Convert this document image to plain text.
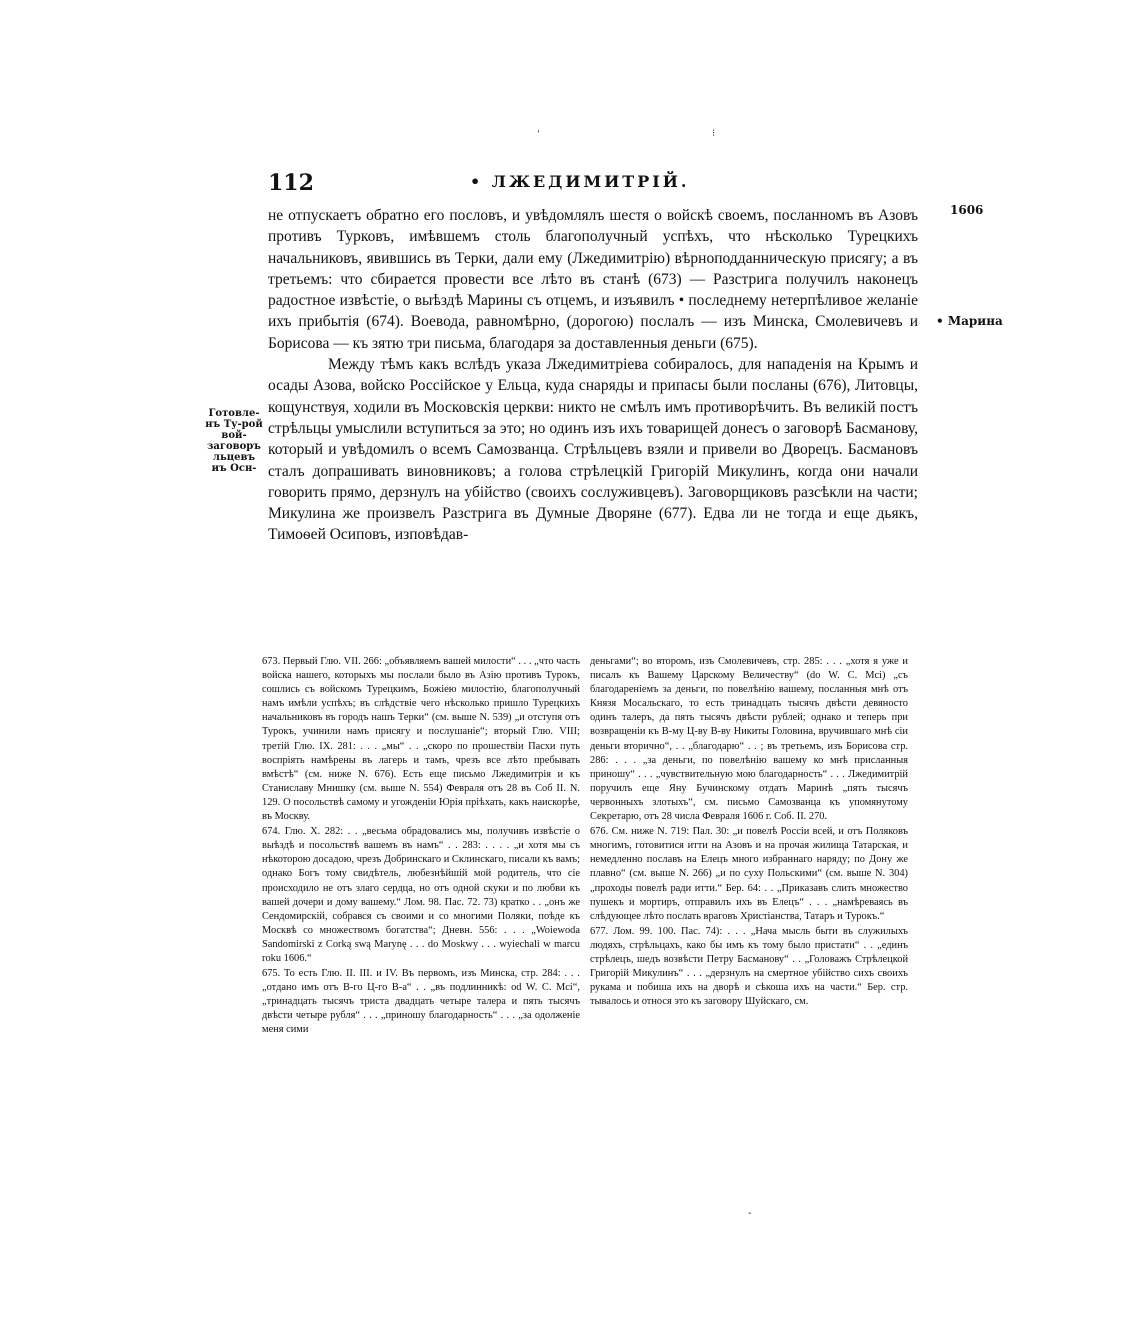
112	• ЛЖЕДИМИТРІЙ.
1606
• Марина
Готовле-нъ Ту-рой вой-заговоръ льцевъ иъ Осн-
ˈ	⁝
-

не отпускаетъ обратно его пословъ, и увѣдомлялъ шестя о войскѣ своемъ, посланномъ въ Азовъ противъ Турковъ, имѣвшемъ столь благополучный успѣхъ, что нѣсколько Турецкихъ начальниковъ, явившись въ Терки, дали ему (Лжедимитрію) вѣрноподданническую присягу; а въ третьемъ: что сбирается провести все лѣто въ станѣ (673) — Разстрига получилъ наконецъ радостное извѣстіе, о выѣздѣ Марины съ отцемъ, и изъявилъ • последнему нетерпѣливое желаніе ихъ прибытія (674). Воевода, равномѣрно, (дорогою) послалъ — изъ Минска, Смолевичевъ и Борисова — къ зятю три письма, благодаря за доставленныя деньги (675).

Между тѣмъ какъ вслѣдъ указа Лжедимитріева собиралось, для нападенія на Крымъ и осады Азова, войско Россійское у Ельца, куда снаряды и припасы были посланы (676), Литовцы, кощунствуя, ходили въ Московскія церкви: никто не смѣлъ имъ противорѣчить. Въ великій постъ стрѣльцы умыслили вступиться за это; но одинъ изъ ихъ товарищей донесъ о заговорѣ Басманову, который и увѣдомилъ о всемъ Самозванца. Стрѣльцевъ взяли и привели во Дворецъ. Басмановъ сталъ допрашивать виновниковъ; а голова стрѣлецкій Григорій Микулинъ, когда они начали говорить прямо, дерзнулъ на убійство (своихъ сослуживцевъ). Заговорщиковъ разсѣкли на части; Микулина же произвелъ Разстрига въ Думные Дворяне (677). Едва ли не тогда и еще дьякъ, Тимоѳей Осиповъ, изповѣдав-

673. Первый Глю. VII. 266: „объявляемъ вашей милости“ . . . „что часть войска нашего, которыхъ мы послали было въ Азію противъ Турокъ, сошлись съ войскомъ Турецкимъ, Божіею милостію, благополучный намъ имѣли успѣхъ; въ слѣдствіе чего нѣсколько пришло Турецкихъ начальниковъ въ городъ нашъ Терки“ (см. выше N. 539) „и отступя отъ Турокъ, учинили намъ присягу и послушаніе“; вторый Глю. VIII; третій Глю. IX. 281: . . . „мы“ . . „скоро по прошествіи Пасхи путь воспріять намѣрены въ лагерь и тамъ, чрезъ все лѣто пребывать вмѣстѣ“ (см. ниже N. 676). Есть еще письмо Лжедимитрія и къ Станиславу Мнишку (см. выше N. 554) Февраля отъ 28 въ Соб II. N. 129. О посольствѣ самому и угожденіи Юрія пріѣхать, какъ наискорѣе, въ Москву.

674. Глю. X. 282: . . „весьма обрадовались мы, получивъ извѣстіе о выѣздѣ и посольствѣ вашемъ въ намъ“ . . 283: . . . . „и хотя мы съ нѣкоторою досадою, чрезъ Добринскаго и Склинскаго, писали къ вамъ; однако Богъ тому свидѣтель, любезнѣйшій мой родитель, что сіе происходило не отъ злаго сердца, но отъ одной скуки и по любви къ вашей дочери и дому вашему.“ Лом. 98. Пас. 72. 73) кратко . . „онъ же Сендомирскій, собрався съ своими и со многими Поляки, поѣде къ Москвѣ со множествомъ богатства“; Дневн. 556: . . . „Woiewoda Sandomirski z Corką swą Marynę . . . do Moskwy . . . wyiechali w marcu roku 1606.“

675. То есть Глю. II. III. и IV. Въ первомъ, изъ Минска, стр. 284: . . . „отдано имъ отъ В-го Ц-го В-а“ . . „въ подлинникѣ: od W. C. Mci“, „тринадцать тысячъ триста двадцать четыре талера и пять тысячъ двѣсти четыре рубля“ . . . „приношу благодарность“ . . . „за одолженіе меня сими

деньгами“; во второмъ, изъ Смолевичевъ, стр. 285: . . . „хотя я уже и писалъ къ Вашему Царскому Величеству“ (do W. C. Mci) „съ благодареніемъ за деньги, по повелѣнію вашему, посланныя мнѣ отъ Князя Мосальскаго, то есть тринадцать тысячъ двѣсти девяносто одинъ талеръ, да пять тысячъ двѣсти рублей; однако и теперь при возвращеніи къ В-му Ц-ву В-ву Никиты Головина, вручившаго мнѣ сіи деньги вторично“, . . „благодарю“ . . ; въ третьемъ, изъ Борисова стр. 286: . . . „за деньги, по повелѣнію вашему ко мнѣ присланныя приношу“ . . . „чувствительную мою благодарность“ . . . Лжедимитрій поручилъ еще Яну Бучинскому отдать Маринѣ „пять тысячъ червонныхъ злотыхъ“, см. письмо Самозванца къ упомянутому Секретарю, отъ 28 числа Февраля 1606 г. Соб. II. 270.

676. См. ниже N. 719: Пал. 30: „и повелѣ Россіи всей, и отъ Поляковъ многимъ, готовитися итти на Азовъ и на прочая жилища Татарская, и немедленно пославъ на Елецъ много избраннаго наряду; по Дону же плавно“ (см. выше N. 266) „и по суху Польскими“ (см. выше N. 304) „проходы повелѣ ради итти.“ Бер. 64: . . „Приказавъ слить множество пушекъ и мортиръ, отправилъ ихъ въ Елецъ“ . . . „намѣреваясь въ слѣдующее лѣто послать враговъ Христіанства, Татаръ и Турокъ.“

677. Лом. 99. 100. Пас. 74): . . . „Нача мысль быти въ служилыхъ людяхъ, стрѣльцахъ, како бы имъ къ тому было пристати“ . . „единъ стрѣлецъ, шедъ возвѣсти Петру Басманову“ . . „Головажъ Стрѣлецкой Григорій Микулинъ“ . . . „дерзнулъ на смертное убійство сихъ своихъ рукама и побиша ихъ на дворѣ и сѣкоша ихъ на части.“ Бер. стр. тывалось и относя это къ заговору Шуйскаго, см.
